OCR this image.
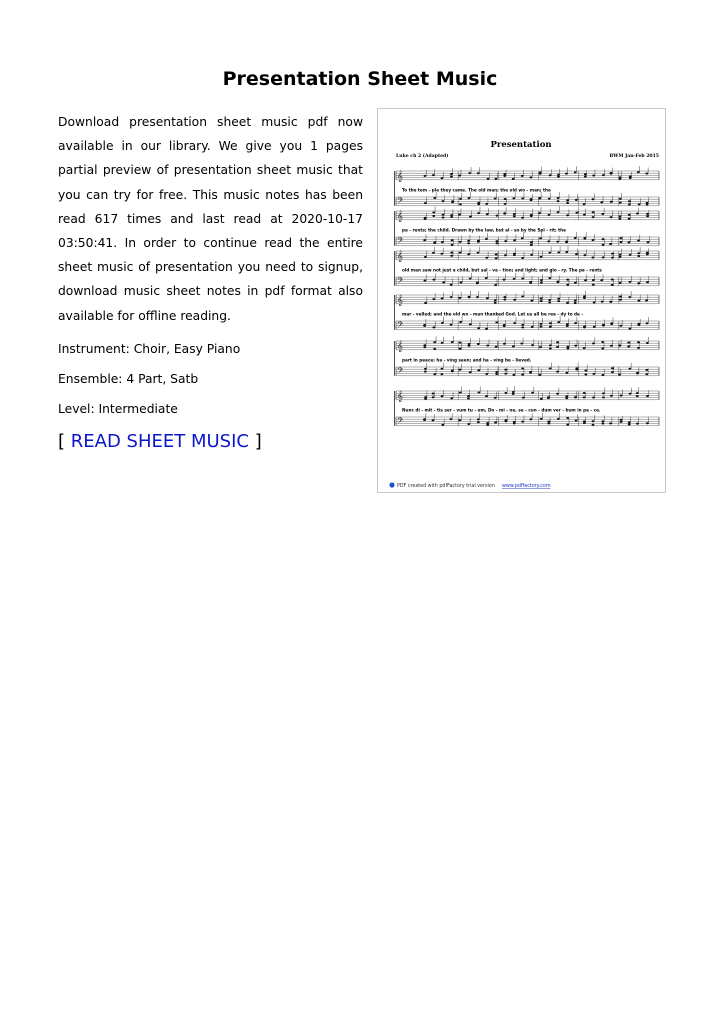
Presentation Sheet Music
Download presentation sheet music pdf now available in our library. We give you 1 pages partial preview of presentation sheet music that you can try for free. This music notes has been read 617 times and last read at 2020-10-17 03:50:41. In order to continue read the entire sheet music of presentation you need to signup, download music sheet notes in pdf format also available for offline reading.
Instrument: Choir, Easy Piano
Level: Intermediate
Ensemble: 4 Part, Satb
[ READ SHEET MUSIC ]
Presentation
Luke ch 2 (Adapted)	BWM Jan-Feb 2015
𝄞
𝄢
To the tem - ple they came. The old man; the old wo - man; the
𝄞
𝄢
pa - rents; the child. Drawn by the law, but al - so by the Spi - rit; the
𝄞
𝄢
old man saw not just a child, but sal - va - tion; and light; and glo - ry. The pa - rents
𝄞
𝄢
mar - velled; and the old wo - man thanked God. Let us all be rea - dy to de -
𝄞
𝄢
part in peace; ha - ving seen; and ha - ving be - lieved.
𝄞
𝄢
Nunc di - mit - tis ser - vum tu - um, Do - mi - ne, se - cun - dum ver - bum in pa - ce.
PDF created with pdfFactory trial version www.pdffactory.com
